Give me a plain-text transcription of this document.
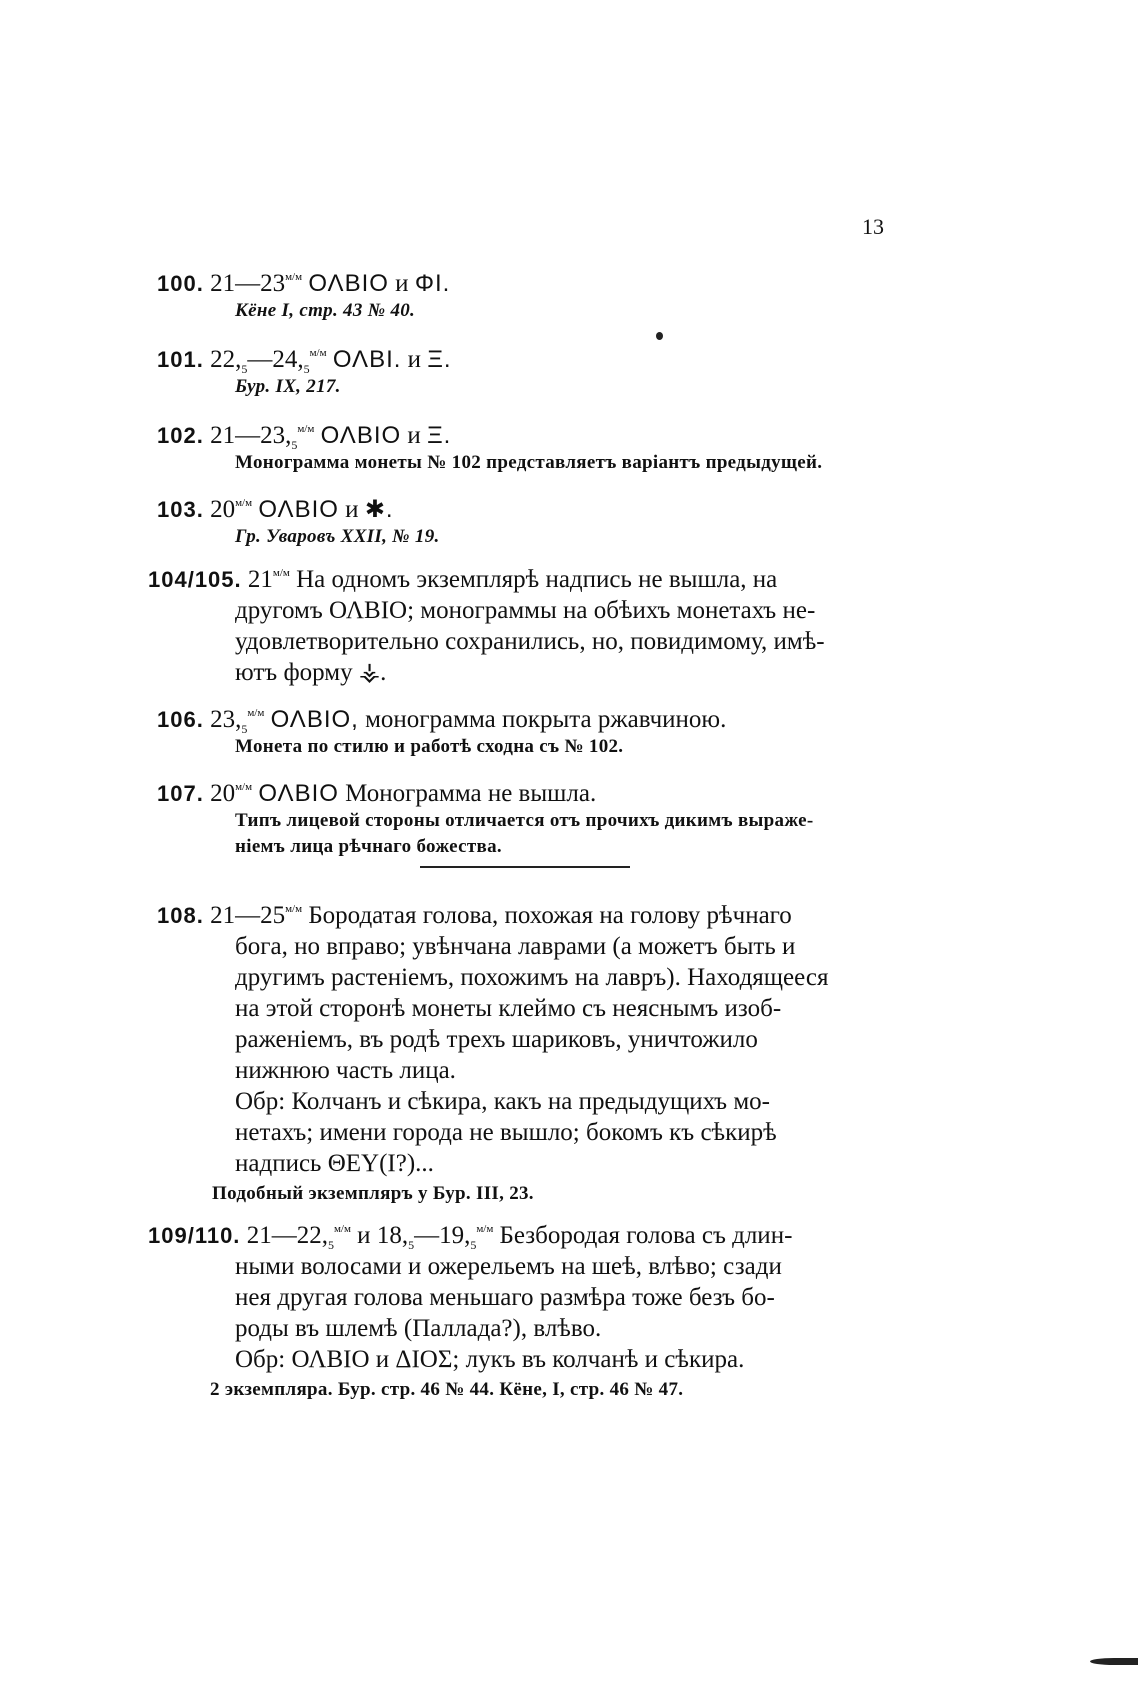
13
100. $21—23^{м/м}$ ΟΛΒΙΟ и ΦΙ.
Кёне I, стр. 43 № 40.
101. $22,_5—24,_5^{м/м}$ ΟΛΒΙ. и Ξ.
Бур. IX, 217.
102. $21—23,_5^{м/м}$ ΟΛΒΙΟ и Ξ.
Монограмма монеты № 102 представляетъ варіантъ предыдущей.
103. $20^{м/м}$ ΟΛΒΙΟ и ✱.
Гр. Уваровъ XXII, № 19.
104/105. $21^{м/м}$ На одномъ экземплярѣ надпись не вышла, на
другомъ ΟΛΒΙΟ; монограммы на обѣихъ монетахъ не-
удовлетворительно сохранились, но, повидимому, имѣ-
ютъ форму ⚶.
106. $23,_5^{м/м}$ ΟΛΒΙΟ, монограмма покрыта ржавчиною.
Монета по стилю и работѣ сходна съ № 102.
107. $20^{м/м}$ ΟΛΒΙΟ Монограмма не вышла.
Типъ лицевой стороны отличается отъ прочихъ дикимъ выраже-
ніемъ лица рѣчнаго божества.
108. $21—25^{м/м}$ Бородатая голова, похожая на голову рѣчнаго
бога, но вправо; увѣнчана лаврами (а можетъ быть и
другимъ растеніемъ, похожимъ на лавръ). Находящееся
на этой сторонѣ монеты клеймо съ неяснымъ изоб-
раженіемъ, въ родѣ трехъ шариковъ, уничтожило
нижнюю часть лица.
Обр: Колчанъ и сѣкира, какъ на предыдущихъ мо-
нетахъ; имени города не вышло; бокомъ къ сѣкирѣ
надпись ΘΕΥ(Ι?)...
Подобный экземпляръ у Бур. III, 23.
109/110. $21—22,_5^{м/м}$ и $18,_5—19,_5^{м/м}$ Безбородая голова съ длин-
ными волосами и ожерельемъ на шеѣ, влѣво; сзади
нея другая голова меньшаго размѣра тоже безъ бо-
роды въ шлемѣ (Паллада?), влѣво.
Обр: ΟΛΒΙΟ и ΔΙΟΣ; лукъ въ колчанѣ и сѣкира.
2 экземпляра. Бур. стр. 46 № 44. Кёне, I, стр. 46 № 47.
